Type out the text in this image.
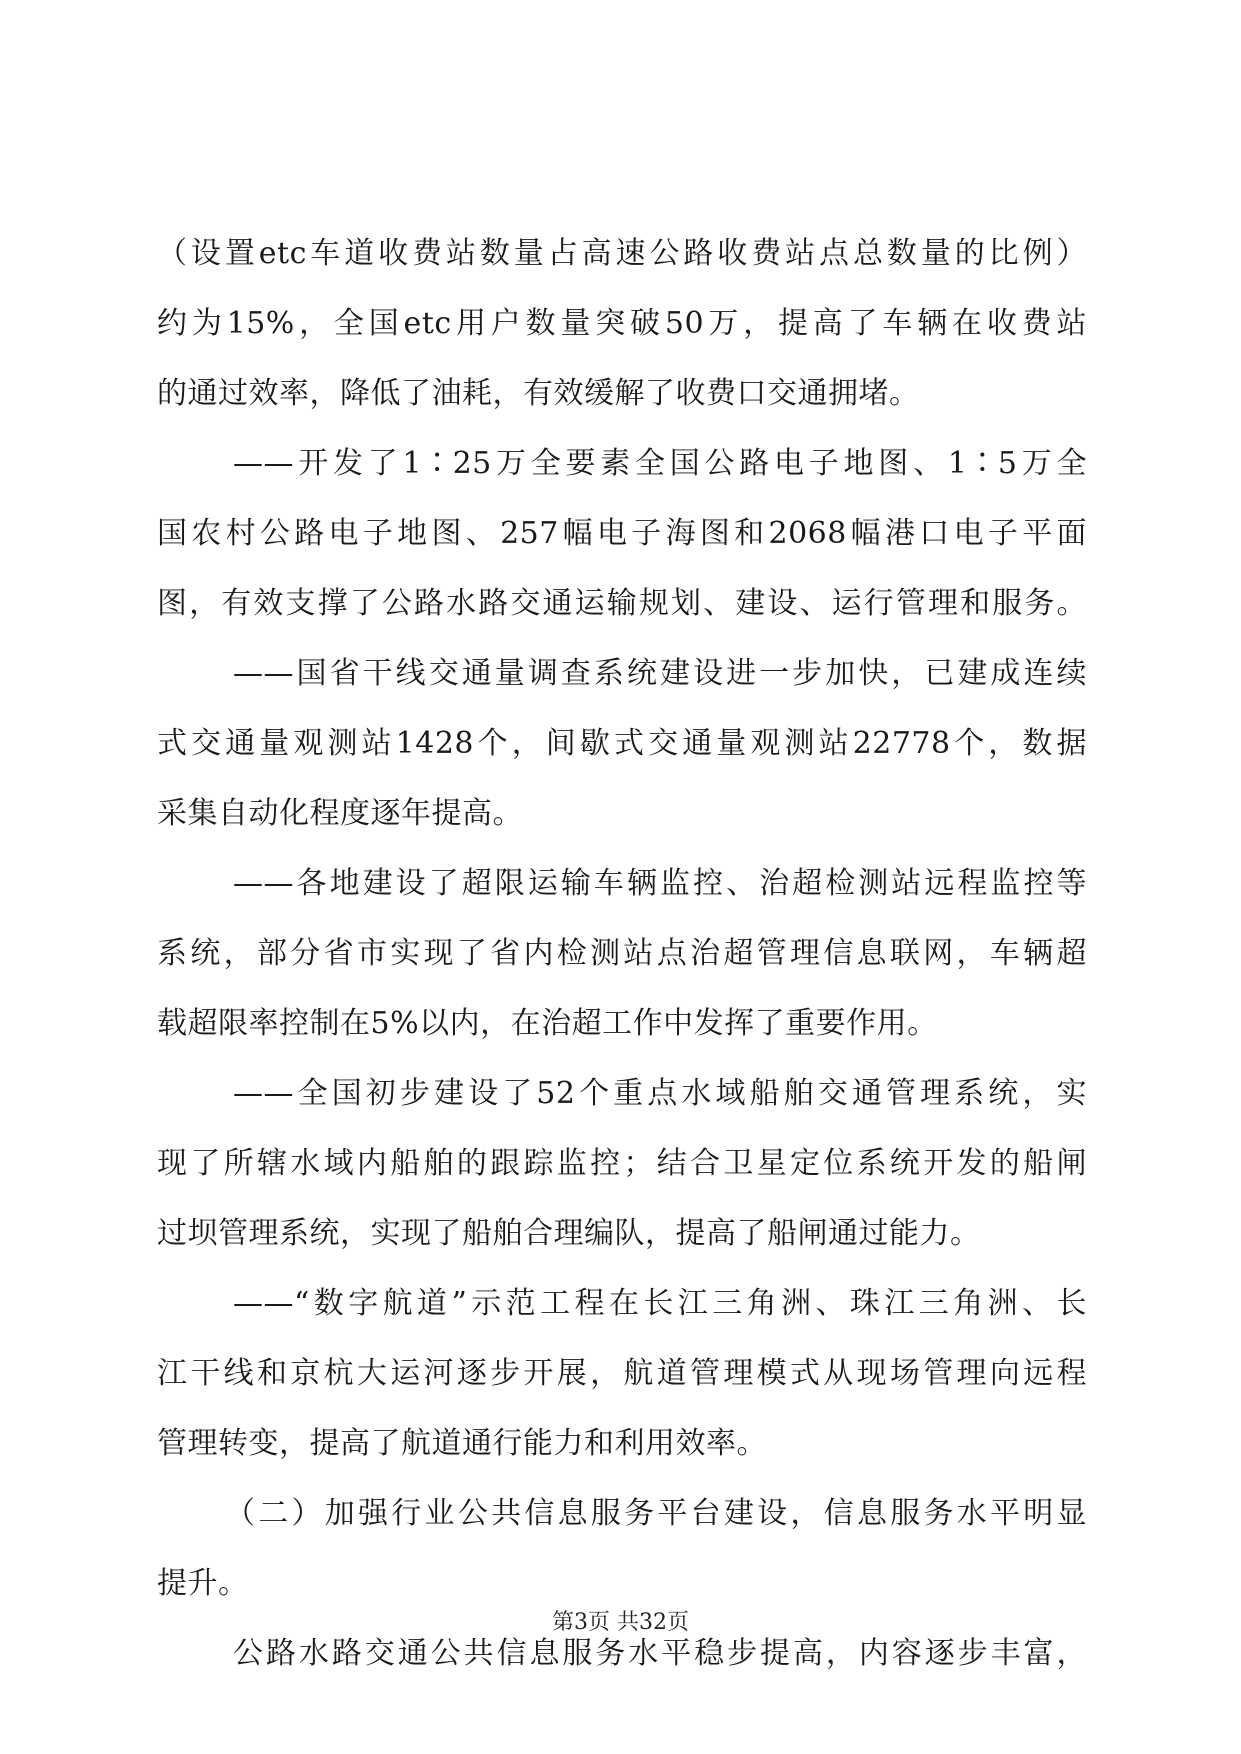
（设置etc车道收费站数量占高速公路收费站点总数量的比例）
约为15%，全国etc用户数量突破50万，提高了车辆在收费站
的通过效率，降低了油耗，有效缓解了收费口交通拥堵。
——开发了1∶25万全要素全国公路电子地图、1∶5万全
国农村公路电子地图、257幅电子海图和2068幅港口电子平面
图，有效支撑了公路水路交通运输规划、建设、运行管理和服务。
——国省干线交通量调查系统建设进一步加快，已建成连续
式交通量观测站1428个，间歇式交通量观测站22778个，数据
采集自动化程度逐年提高。
——各地建设了超限运输车辆监控、治超检测站远程监控等
系统，部分省市实现了省内检测站点治超管理信息联网，车辆超
载超限率控制在5%以内，在治超工作中发挥了重要作用。
——全国初步建设了52个重点水域船舶交通管理系统，实
现了所辖水域内船舶的跟踪监控；结合卫星定位系统开发的船闸
过坝管理系统，实现了船舶合理编队，提高了船闸通过能力。
——“数字航道”示范工程在长江三角洲、珠江三角洲、长
江干线和京杭大运河逐步开展，航道管理模式从现场管理向远程
管理转变，提高了航道通行能力和利用效率。
（二）加强行业公共信息服务平台建设，信息服务水平明显
提升。
公路水路交通公共信息服务水平稳步提高，内容逐步丰富，
第3页 共32页
